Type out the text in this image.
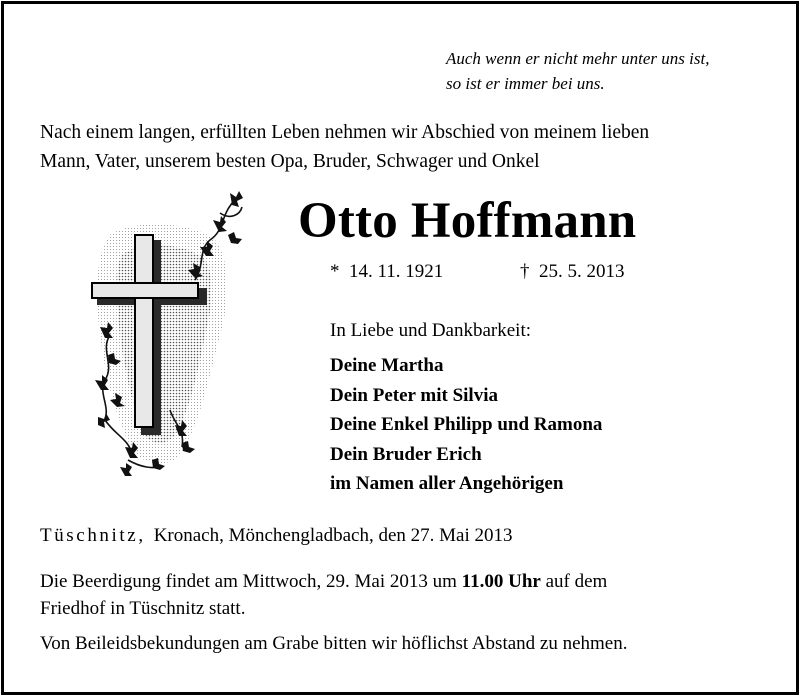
Auch wenn er nicht mehr unter uns ist,
so ist er immer bei uns.
Nach einem langen, erfüllten Leben nehmen wir Abschied von meinem lieben
Mann, Vater, unserem besten Opa, Bruder, Schwager und Onkel
Otto Hoffmann
* 14. 11. 1921	† 25. 5. 2013
In Liebe und Dankbarkeit:
Deine Martha
Dein Peter mit Silvia
Deine Enkel Philipp und Ramona
Dein Bruder Erich
im Namen aller Angehörigen
Tüschnitz, Kronach, Mönchengladbach, den 27. Mai 2013
Die Beerdigung findet am Mittwoch, 29. Mai 2013 um 11.00 Uhr auf dem
Friedhof in Tüschnitz statt.
Von Beileidsbekundungen am Grabe bitten wir höflichst Abstand zu nehmen.
